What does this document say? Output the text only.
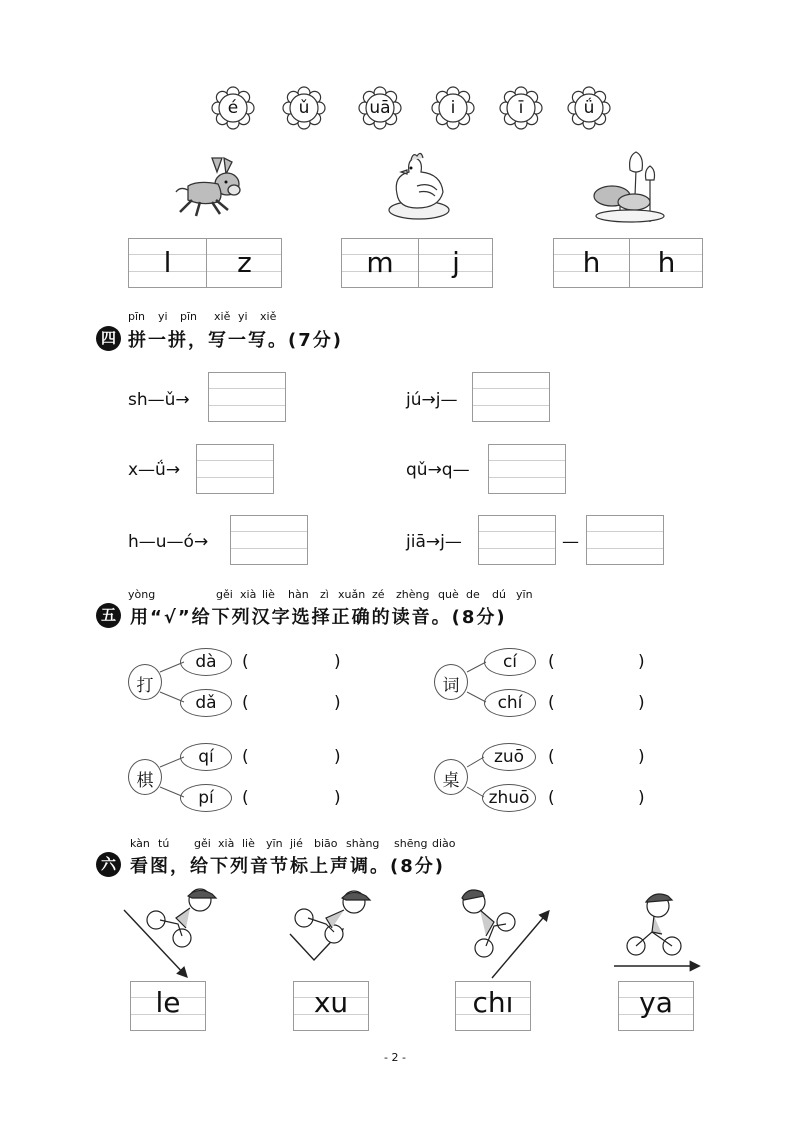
é	ǔ	uā	i	ī	ǘ
l	z	m	j	h	h
pīn yi pīn xiě yi xiě
四 拼一拼，写一写。(7分)
sh—ǔ→	jú→j—
x—ǘ→	qǔ→q—
h—u—ó→	jiā→j—	—
yòng	gěi xià liè hàn zì xuǎn zé zhèng què de dú yīn
五 用“√”给下列汉字选择正确的读音。(8分)
打
dà
dǎ
(	)
(	)
词
cí
chí
(	)
(	)
棋
qí
pí
(	)
(	)
桌
zuō
zhuō
(	)
(	)
kàn tú gěi xià liè yīn jié biāo shàng shēng diào
六 看图，给下列音节标上声调。(8分)
le	xu	chı	ya
- 2 -
